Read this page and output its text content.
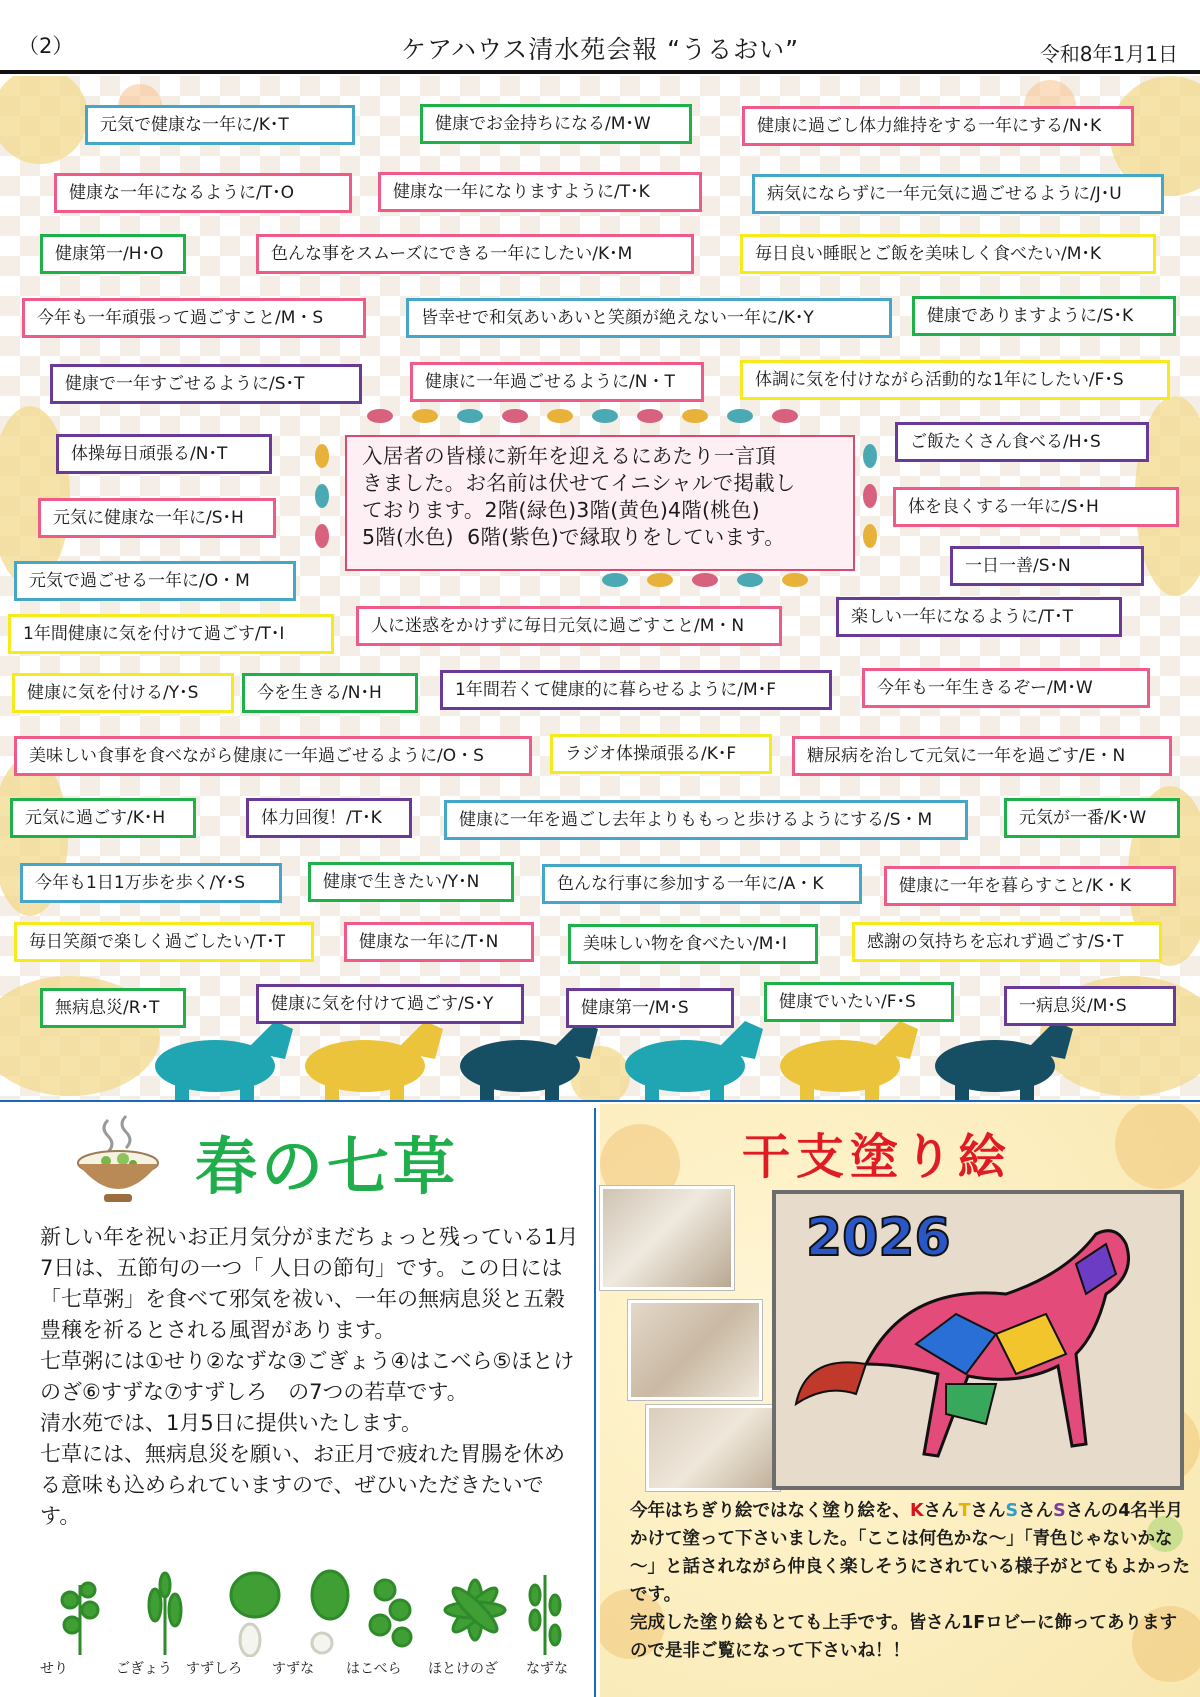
（2）	ケアハウス清水苑会報 “うるおい”	令和8年1月1日
元気で健康な一年に/K･T	健康でお金持ちになる/M･W	健康に過ごし体力維持をする一年にする/N･K
健康な一年になるように/T･O	健康な一年になりますように/T･K	病気にならずに一年元気に過ごせるように/J･U
健康第一/H･O	色んな事をスムーズにできる一年にしたい/K･M	毎日良い睡眠とご飯を美味しく食べたい/M･K
今年も一年頑張って過ごすこと/M・S	皆幸せで和気あいあいと笑顔が絶えない一年に/K･Y	健康でありますように/S･K
健康で一年すごせるように/S･T	健康に一年過ごせるように/N・T	体調に気を付けながら活動的な1年にしたい/F･S
体操毎日頑張る/N･T
ご飯たくさん食べる/H･S
元気に健康な一年に/S･H
体を良くする一年に/S･H
一日一善/S･N
元気で過ごせる一年に/O・M
楽しい一年になるように/T･T
1年間健康に気を付けて過ごす/T･I	人に迷惑をかけずに毎日元気に過ごすこと/M・N
健康に気を付ける/Y･S	今を生きる/N･H	1年間若くて健康的に暮らせるように/M･F	今年も一年生きるぞー/M･W
美味しい食事を食べながら健康に一年過ごせるように/O・S	ラジオ体操頑張る/K･F	糖尿病を治して元気に一年を過ごす/E・N
元気に過ごす/K･H	体力回復！/T･K	健康に一年を過ごし去年よりももっと歩けるようにする/S・M	元気が一番/K･W
今年も1日1万歩を歩く/Y･S	健康で生きたい/Y･N	色んな行事に参加する一年に/A・K	健康に一年を暮らすこと/K・K
毎日笑顔で楽しく過ごしたい/T･T	健康な一年に/T･N	美味しい物を食べたい/M･I	感謝の気持ちを忘れず過ごす/S･T
無病息災/R･T	健康に気を付けて過ごす/S･Y	健康第一/M･S	健康でいたい/F･S	一病息災/M･S
入居者の皆様に新年を迎えるにあたり一言頂
きました。お名前は伏せてイニシャルで掲載し
ております。2階(緑色)3階(黄色)4階(桃色)
5階(水色)  6階(紫色)で縁取りをしています。
春の七草

新しい年を祝いお正月気分がまだちょっと残っている1月7日は、五節句の一つ「 人日の節句」です。この日には「七草粥」を食べて邪気を祓い、一年の無病息災と五穀豊穣を祈るとされる風習があります。

七草粥には①せり②なずな③ごぎょう④はこべら⑤ほとけのざ⑥すずな⑦すずしろ　の7つの若草です。

清水苑では、1月5日に提供いたします。

七草には、無病息災を願い、お正月で疲れた胃腸を休める意味も込められていますので、ぜひいただきたいです。

せり	ごぎょう すずしろ すずな はこべら ほとけのざ なずな
干支塗り絵
2026
今年はちぎり絵ではなく塗り絵を、KさんTさんSさんSさんの4名半月かけて塗って下さいました。「ここは何色かな～」「青色じゃないかな～」と話されながら仲良く楽しそうにされている様子がとてもよかったです。
完成した塗り絵もとても上手です。皆さん1Fロビーに飾ってありますので是非ご覧になって下さいね！！
